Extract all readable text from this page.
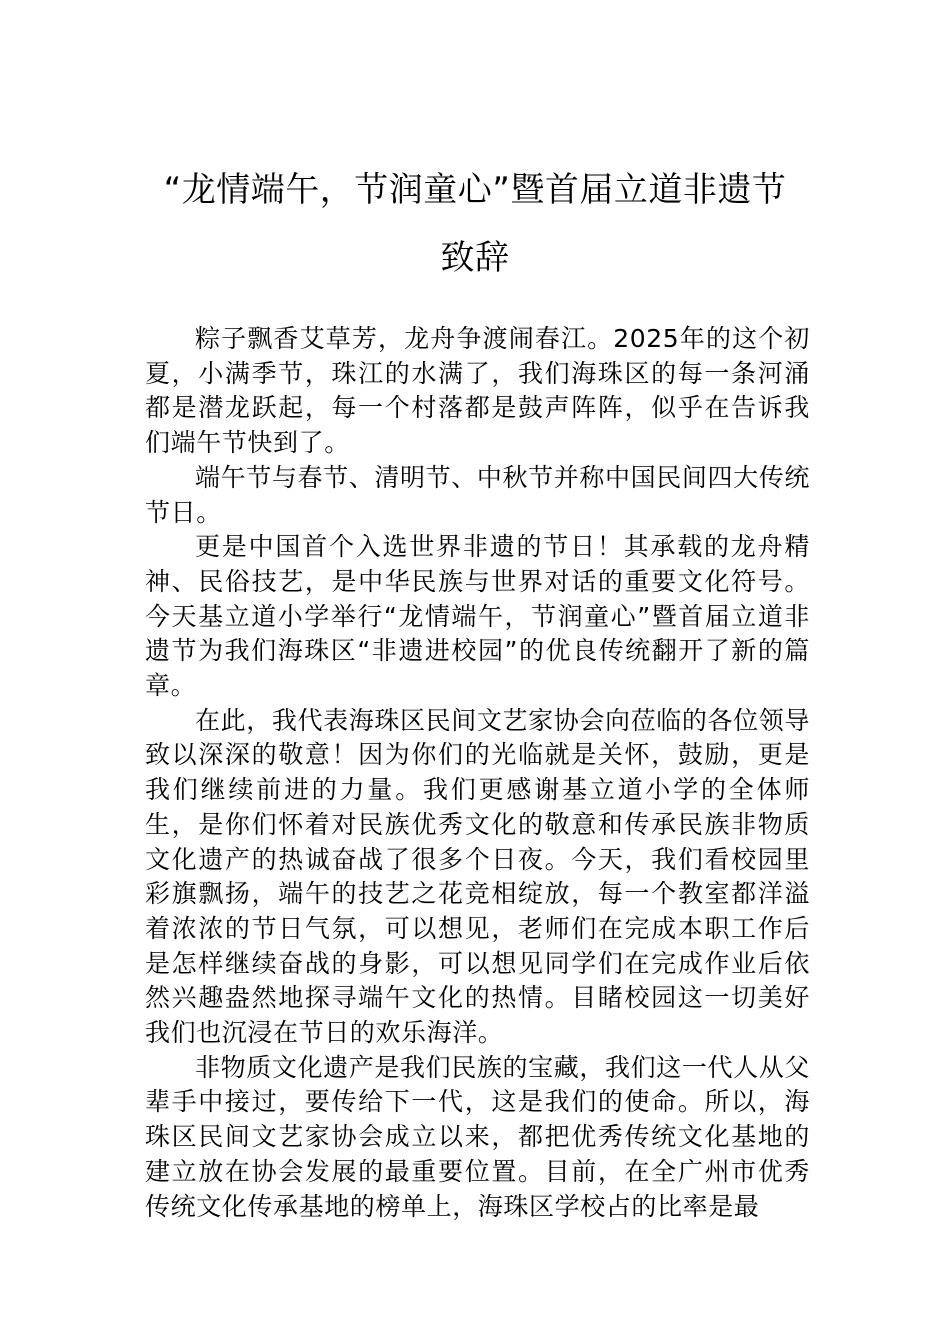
“龙情端午，节润童心”暨首届立道非遗节
致辞

粽子飘香艾草芳，龙舟争渡闹春江。2025年的这个初夏，小满季节，珠江的水满了，我们海珠区的每一条河涌都是潜龙跃起，每一个村落都是鼓声阵阵，似乎在告诉我们端午节快到了。

端午节与春节、清明节、中秋节并称中国民间四大传统节日。

更是中国首个入选世界非遗的节日！其承载的龙舟精神、民俗技艺，是中华民族与世界对话的重要文化符号。今天基立道小学举行“龙情端午，节润童心”暨首届立道非遗节为我们海珠区“非遗进校园”的优良传统翻开了新的篇章。

在此，我代表海珠区民间文艺家协会向莅临的各位领导致以深深的敬意！因为你们的光临就是关怀，鼓励，更是我们继续前进的力量。我们更感谢基立道小学的全体师生，是你们怀着对民族优秀文化的敬意和传承民族非物质文化遗产的热诚奋战了很多个日夜。今天，我们看校园里彩旗飘扬，端午的技艺之花竞相绽放，每一个教室都洋溢着浓浓的节日气氛，可以想见，老师们在完成本职工作后是怎样继续奋战的身影，可以想见同学们在完成作业后依然兴趣盎然地探寻端午文化的热情。目睹校园这一切美好我们也沉浸在节日的欢乐海洋。

非物质文化遗产是我们民族的宝藏，我们这一代人从父辈手中接过，要传给下一代，这是我们的使命。所以，海珠区民间文艺家协会成立以来，都把优秀传统文化基地的建立放在协会发展的最重要位置。目前，在全广州市优秀传统文化传承基地的榜单上，海珠区学校占的比率是最
